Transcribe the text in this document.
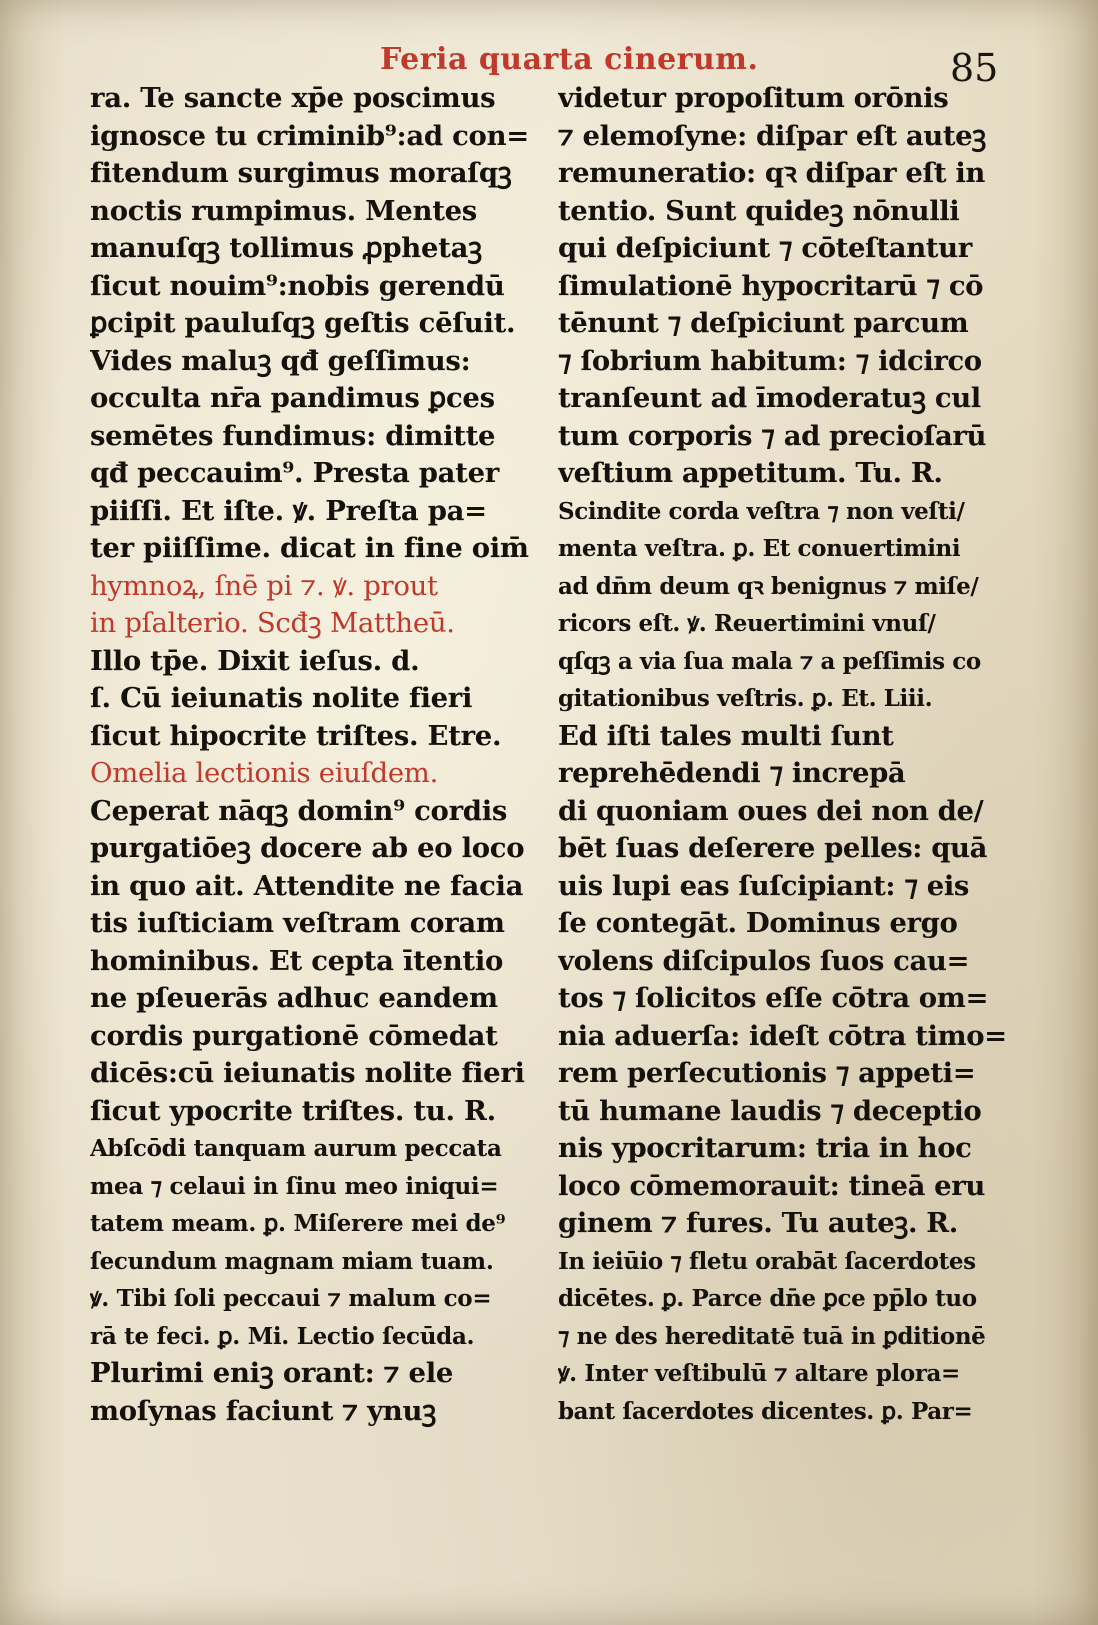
Feria quarta cinerum.	85
ra. Te sancte xp̄e poscimus
ignosce tu criminib⁹:ad con=
fitendum surgimus moraſqꝫ
noctis rumpimus. Mentes
manuſqꝫ tollimus ꝓphetaꝫ
ſicut nouim⁹:nobis gerendū
ꝑcipit pauluſqꝫ geſtis cēſuit.
Vides maluꝫ qđ geſſimus:
occulta nr̄a pandimus ꝑces
semētes fundimus: dimitte
qđ peccauim⁹. Presta pater
piiſſi. Et iſte. ꝟ. Preſta pa=
ter piiſſime. dicat in fine oim̄
hymnoꝝ, ſnē pi ⁊. ꝟ. prout
in pſalterio. Scđꝫ Mattheū.
Illo tp̄e. Dixit ieſus. d.
ſ. Cū ieiunatis nolite fieri
ſicut hipocrite triſtes. Etre.
Omelia lectionis eiuſdem.
Ceperat nāqꝫ domin⁹ cordis
purgatiōeꝫ docere ab eo loco
in quo ait. Attendite ne facia
tis iuſticiam veſtram coram
hominibus. Et cepta ītentio
ne pſeuerās adhuc eandem
cordis purgationē cōmedat
dicēs:cū ieiunatis nolite fieri
ſicut ypocrite triſtes. tu. R.
Abſcōdi tanquam aurum peccata
mea ⁊ celaui in ſinu meo iniqui=
tatem meam. ꝑ. Miſerere mei de⁹
ſecundum magnam miam tuam.
ꝟ. Tibi ſoli peccaui ⁊ malum co=
rā te feci. ꝑ. Mi. Lectio ſecūda.
Plurimi eniꝫ orant: ⁊ ele
moſynas faciunt ⁊ ynuꝫ
videtur propoſitum orōnis
⁊ elemoſyne: diſpar eſt auteꝫ
remuneratio: qꝛ diſpar eſt in
tentio. Sunt quideꝫ nōnulli
qui deſpiciunt ⁊ cōteſtantur
ſimulationē hypocritarū ⁊ cō
tēnunt ⁊ deſpiciunt parcum
⁊ ſobrium habitum: ⁊ idcirco
tranſeunt ad īmoderatuꝫ cul
tum corporis ⁊ ad precioſarū
veſtium appetitum. Tu. R.
Scindite corda veſtra ⁊ non veſti/
menta veſtra. ꝑ. Et conuertimini
ad dn̄m deum qꝛ benignus ⁊ miſe/
ricors eſt. ꝟ. Reuertimini vnuſ/
qſqꝫ a via ſua mala ⁊ a peſſimis co
gitationibus veſtris. ꝑ. Et. Liii.
Ed iſti tales multi ſunt
reprehēdendi ⁊ increpā
di quoniam oues dei non de/
bēt ſuas deſerere pelles: quā
uis lupi eas ſuſcipiant: ⁊ eis
ſe contegāt. Dominus ergo
volens diſcipulos ſuos cau=
tos ⁊ ſolicitos eſſe cōtra om=
nia aduerſa: ideſt cōtra timo=
rem perſecutionis ⁊ appeti=
tū humane laudis ⁊ deceptio
nis ypocritarum: tria in hoc
loco cōmemorauit: tineā eru
ginem ⁊ fures. Tu auteꝫ. R.
In ieiūio ⁊ fletu orabāt ſacerdotes
dicētes. ꝑ. Parce dn̄e ꝑce pp̄lo tuo
⁊ ne des hereditatē tuā in ꝑditionē
ꝟ. Inter veſtibulū ⁊ altare plora=
bant ſacerdotes dicentes. ꝑ. Par=
